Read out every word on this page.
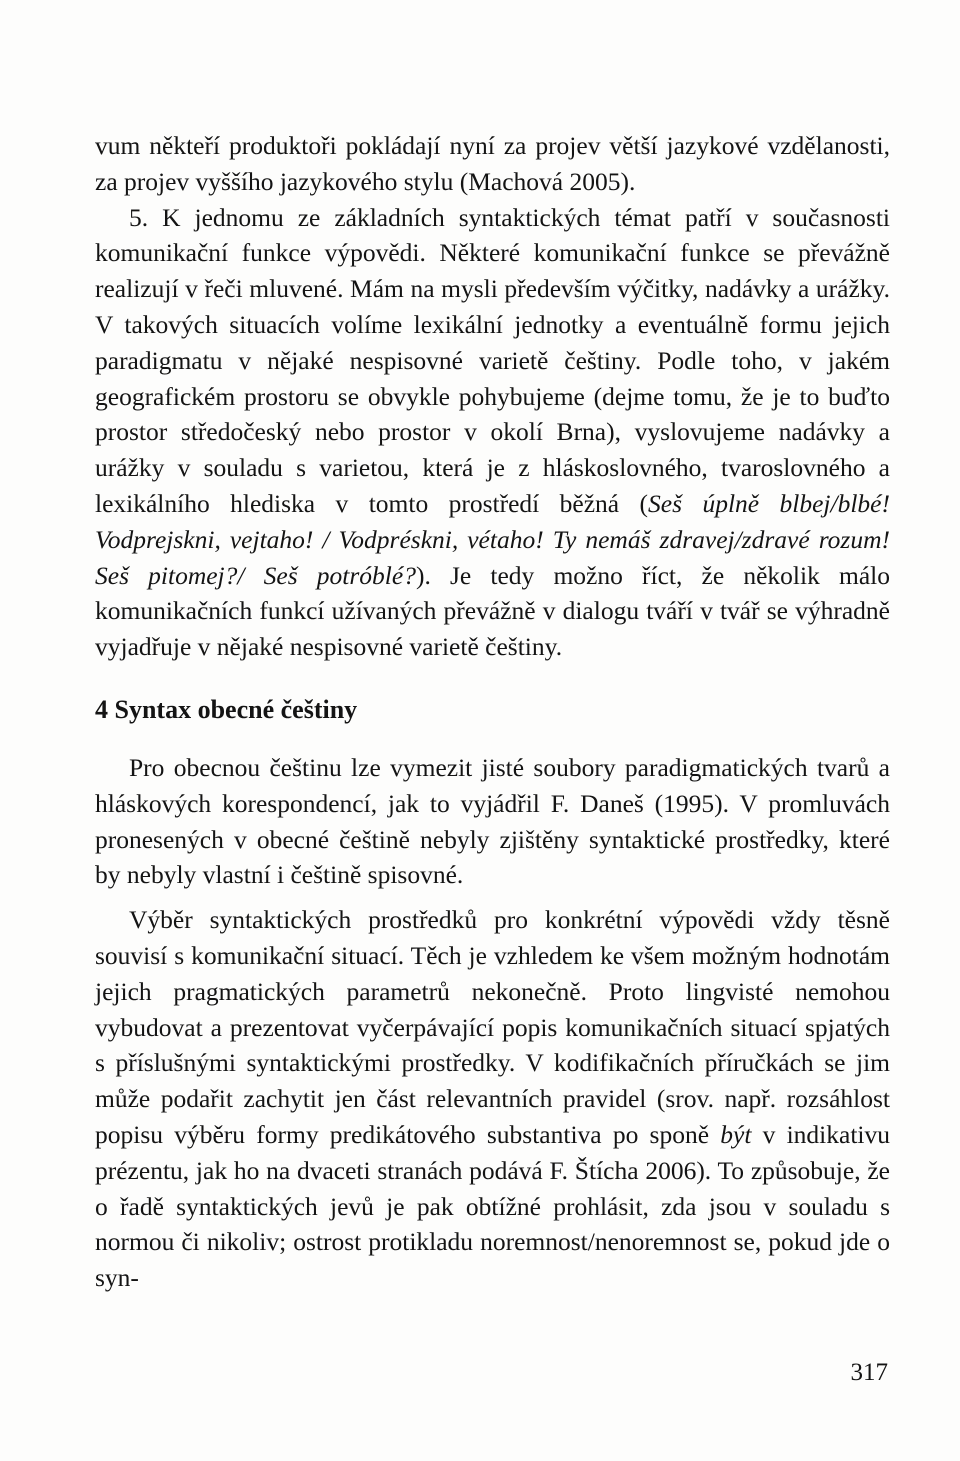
vum někteří produktoři pokládají nyní za projev větší jazykové vzdělanosti, za projev vyššího jazykového stylu (Machová 2005).

5. K jednomu ze základních syntaktických témat patří v současnosti komunikační funkce výpovědi. Některé komunikační funkce se převážně realizují v řeči mluvené. Mám na mysli především výčitky, nadávky a urážky. V takových situacích volíme lexikální jednotky a eventuálně formu jejich paradigmatu v nějaké nespisovné varietě češtiny. Podle toho, v jakém geografickém prostoru se obvykle pohybujeme (dejme tomu, že je to buďto prostor středočeský nebo prostor v okolí Brna), vyslovujeme nadávky a urážky v souladu s varietou, která je z hláskoslovného, tvaroslovného a lexikálního hlediska v tomto prostředí běžná (Seš úplně blbej/blbé! Vodprejskni, vejtaho! / Vodpréskni, vétaho! Ty nemáš zdravej/zdravé rozum! Seš pitomej?/ Seš potróblé?). Je tedy možno říct, že několik málo komunikačních funkcí užívaných převážně v dialogu tváří v tvář se výhradně vyjadřuje v nějaké nespisovné varietě češtiny.

4 Syntax obecné češtiny

Pro obecnou češtinu lze vymezit jisté soubory paradigmatických tvarů a hláskových korespondencí, jak to vyjádřil F. Daneš (1995). V promluvách pronesených v obecné češtině nebyly zjištěny syntaktické prostředky, které by nebyly vlastní i češtině spisovné.

Výběr syntaktických prostředků pro konkrétní výpovědi vždy těsně souvisí s komunikační situací. Těch je vzhledem ke všem možným hodnotám jejich pragmatických parametrů nekonečně. Proto lingvisté nemohou vybudovat a prezentovat vyčerpávající popis komunikačních situací spjatých s příslušnými syntaktickými prostředky. V kodifikačních příručkách se jim může podařit zachytit jen část relevantních pravidel (srov. např. rozsáhlost popisu výběru formy predikátového substantiva po sponě být v indikativu prézentu, jak ho na dvaceti stranách podává F. Štícha 2006). To způsobuje, že o řadě syntaktických jevů je pak obtížné prohlásit, zda jsou v souladu s normou či nikoliv; ostrost protikladu noremnost/nenoremnost se, pokud jde o syn-

317
